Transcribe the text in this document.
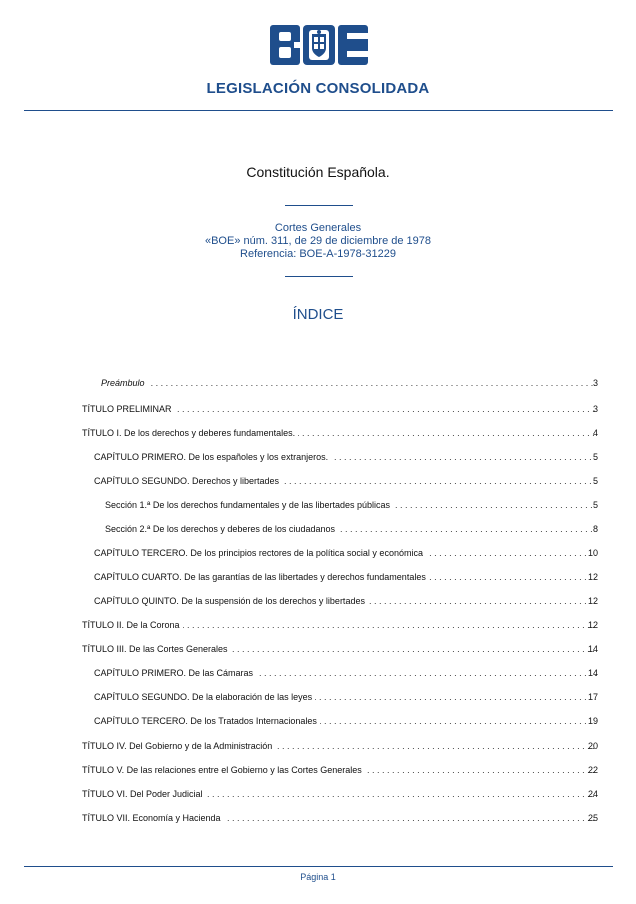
LEGISLACIÓN CONSOLIDADA
Constitución Española.
Cortes Generales
«BOE» núm. 311, de 29 de diciembre de 1978
Referencia: BOE-A-1978-31229
ÍNDICE
Preámbulo . . .	3
TÍTULO PRELIMINAR . . .	3
TÍTULO I. De los derechos y deberes fundamentales. . . .	4
CAPÍTULO PRIMERO. De los españoles y los extranjeros. . . .	5
CAPÍTULO SEGUNDO. Derechos y libertades . . .	5
Sección 1.ª De los derechos fundamentales y de las libertades públicas . . .	5
Sección 2.ª De los derechos y deberes de los ciudadanos . . .	8
CAPÍTULO TERCERO. De los principios rectores de la política social y económica . . .	10
CAPÍTULO CUARTO. De las garantías de las libertades y derechos fundamentales . . .	12
CAPÍTULO QUINTO. De la suspensión de los derechos y libertades . . .	12
TÍTULO II. De la Corona . . .	12
TÍTULO III. De las Cortes Generales . . .	14
CAPÍTULO PRIMERO. De las Cámaras . . .	14
CAPÍTULO SEGUNDO. De la elaboración de las leyes . . .	17
CAPÍTULO TERCERO. De los Tratados Internacionales . . .	19
TÍTULO IV. Del Gobierno y de la Administración . . .	20
TÍTULO V. De las relaciones entre el Gobierno y las Cortes Generales . . .	22
TÍTULO VI. Del Poder Judicial . . .	24
TÍTULO VII. Economía y Hacienda . . .	25
Página 1
